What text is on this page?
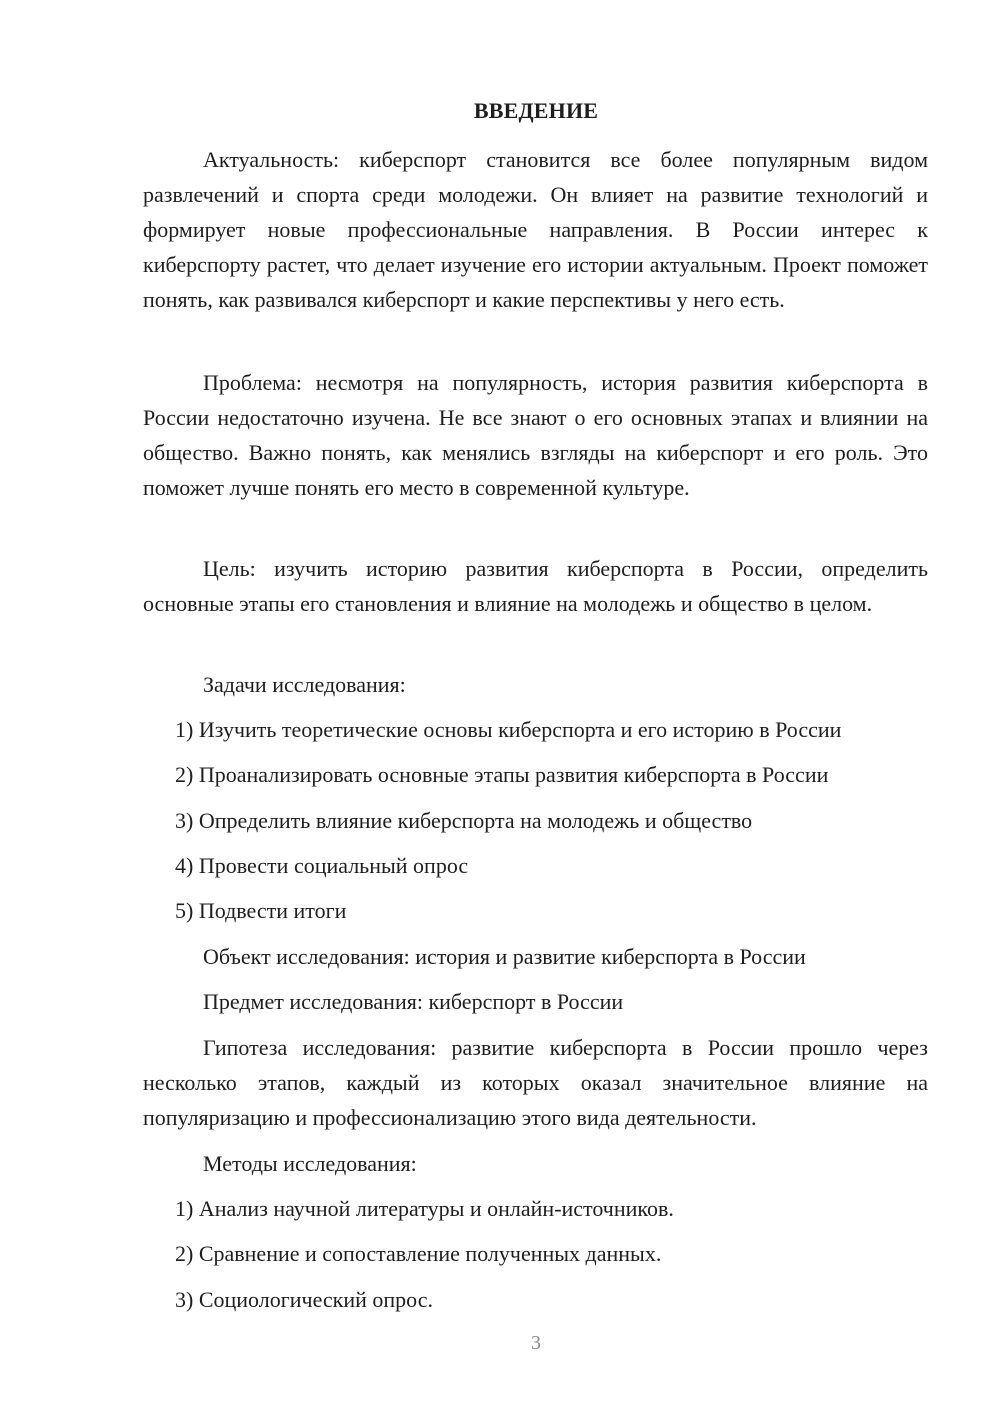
ВВЕДЕНИЕ

Актуальность: киберспорт становится все более популярным видом развлечений и спорта среди молодежи. Он влияет на развитие технологий и формирует новые профессиональные направления. В России интерес к киберспорту растет, что делает изучение его истории актуальным. Проект поможет понять, как развивался киберспорт и какие перспективы у него есть.

Проблема: несмотря на популярность, история развития киберспорта в России недостаточно изучена. Не все знают о его основных этапах и влиянии на общество. Важно понять, как менялись взгляды на киберспорт и его роль. Это поможет лучше понять его место в современной культуре.

Цель: изучить историю развития киберспорта в России, определить основные этапы его становления и влияние на молодежь и общество в целом.

Задачи исследования:
1) Изучить теоретические основы киберспорта и его историю в России
2) Проанализировать основные этапы развития киберспорта в России
3) Определить влияние киберспорта на молодежь и общество
4) Провести социальный опрос
5) Подвести итоги
Объект исследования: история и развитие киберспорта в России
Предмет исследования: киберспорт в России

Гипотеза исследования: развитие киберспорта в России прошло через несколько этапов, каждый из которых оказал значительное влияние на популяризацию и профессионализацию этого вида деятельности.

Методы исследования:
1) Анализ научной литературы и онлайн-источников.
2) Сравнение и сопоставление полученных данных.
3) Социологический опрос.
3
